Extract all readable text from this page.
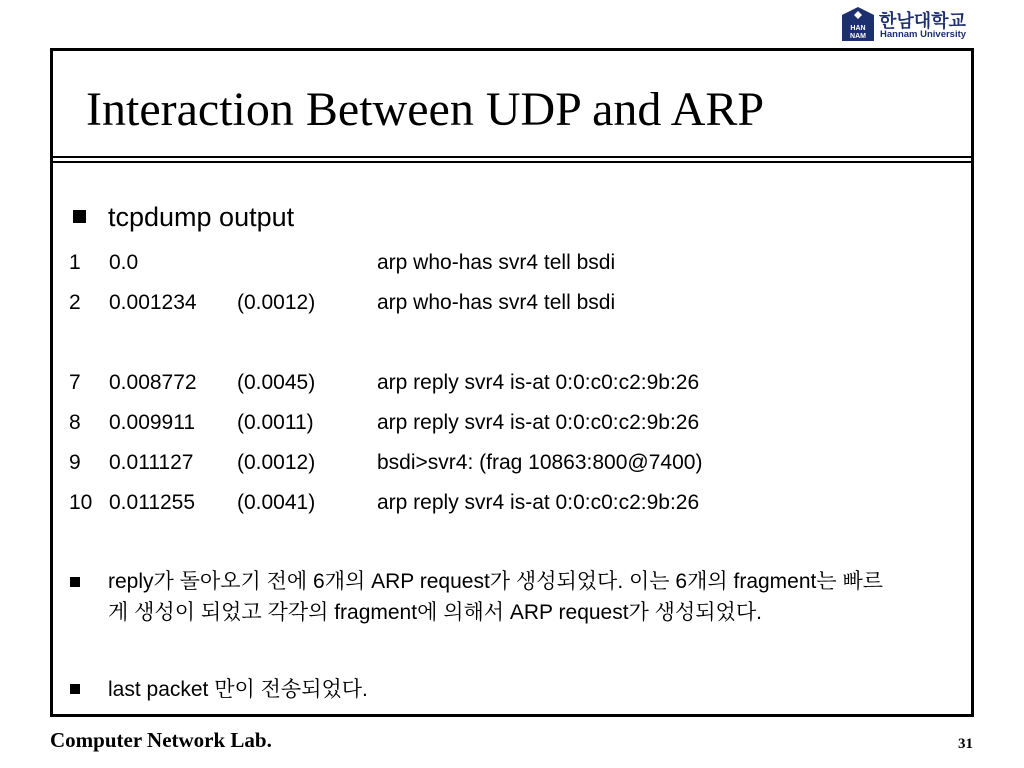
HAN
NAM
한남대학교
Hannam University
Interaction Between UDP and ARP
tcpdump output
1 0.0	arp who-has svr4 tell bsdi
2 0.001234 (0.0012)	arp who-has svr4 tell bsdi
7 0.008772 (0.0045)	arp reply svr4 is-at 0:0:c0:c2:9b:26
8 0.009911 (0.0011)	arp reply svr4 is-at 0:0:c0:c2:9b:26
9 0.011127 (0.0012)	bsdi>svr4: (frag 10863:800@7400)
10 0.011255 (0.0041)	arp reply svr4 is-at 0:0:c0:c2:9b:26
reply가 돌아오기 전에 6개의 ARP request가 생성되었다. 이는 6개의 fragment는 빠르게 생성이 되었고 각각의 fragment에 의해서 ARP request가 생성되었다.
last packet 만이 전송되었다.
Computer Network Lab.	31
